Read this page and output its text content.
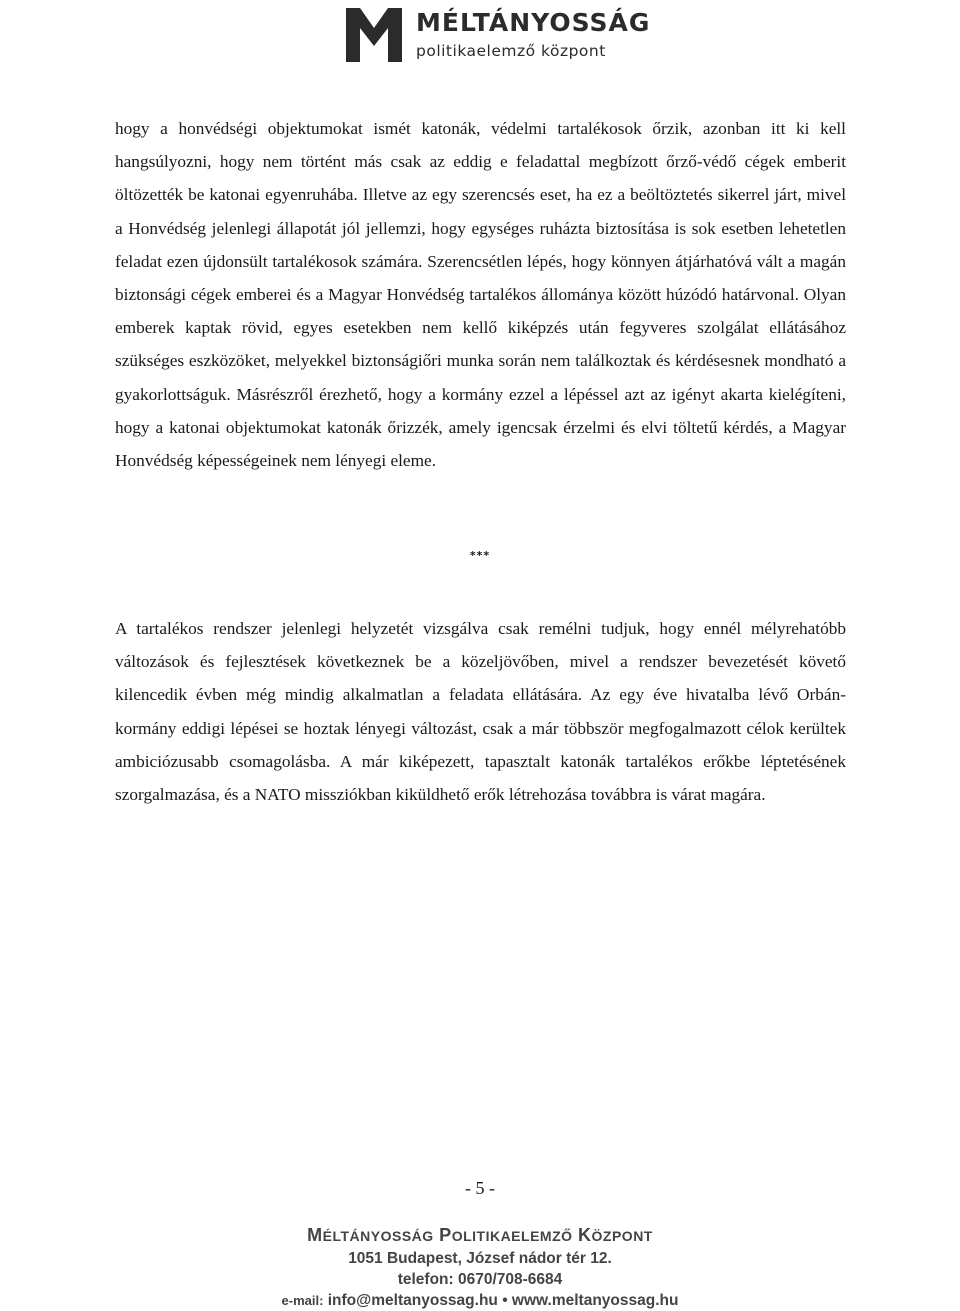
MÉLTÁNYOSSÁG
politikaelemző központ

hogy a honvédségi objektumokat ismét katonák, védelmi tartalékosok őrzik, azonban itt ki kell hangsúlyozni, hogy nem történt más csak az eddig e feladattal megbízott őrző-védő cégek emberit öltözették be katonai egyenruhába. Illetve az egy szerencsés eset, ha ez a beöltöztetés sikerrel járt, mivel a Honvédség jelenlegi állapotát jól jellemzi, hogy egységes ruházta biztosítása is sok esetben lehetetlen feladat ezen újdonsült tartalékosok számára. Szerencsétlen lépés, hogy könnyen átjárhatóvá vált a magán biztonsági cégek emberei és a Magyar Honvédség tartalékos állománya között húzódó határvonal. Olyan emberek kaptak rövid, egyes esetekben nem kellő kiképzés után fegyveres szolgálat ellátásához szükséges eszközöket, melyekkel biztonságiőri munka során nem találkoztak és kérdésesnek mondható a gyakorlottságuk. Másrészről érezhető, hogy a kormány ezzel a lépéssel azt az igényt akarta kielégíteni, hogy a katonai objektumokat katonák őrizzék, amely igencsak érzelmi és elvi töltetű kérdés, a Magyar Honvédség képességeinek nem lényegi eleme.

***

A tartalékos rendszer jelenlegi helyzetét vizsgálva csak remélni tudjuk, hogy ennél mélyrehatóbb változások és fejlesztések következnek be a közeljövőben, mivel a rendszer bevezetését követő kilencedik évben még mindig alkalmatlan a feladata ellátására. Az egy éve hivatalba lévő Orbán-kormány eddigi lépései se hoztak lényegi változást, csak a már többször megfogalmazott célok kerültek ambiciózusabb csomagolásba. A már kiképezett, tapasztalt katonák tartalékos erőkbe léptetésének szorgalmazása, és a NATO missziókban kiküldhető erők létrehozása továbbra is várat magára.

- 5 -
MÉLTÁNYOSSÁG POLITIKAELEMZŐ KÖZPONT
1051 Budapest, József nádor tér 12.
telefon: 0670/708-6684
e-mail: info@meltanyossag.hu • www.meltanyossag.hu
